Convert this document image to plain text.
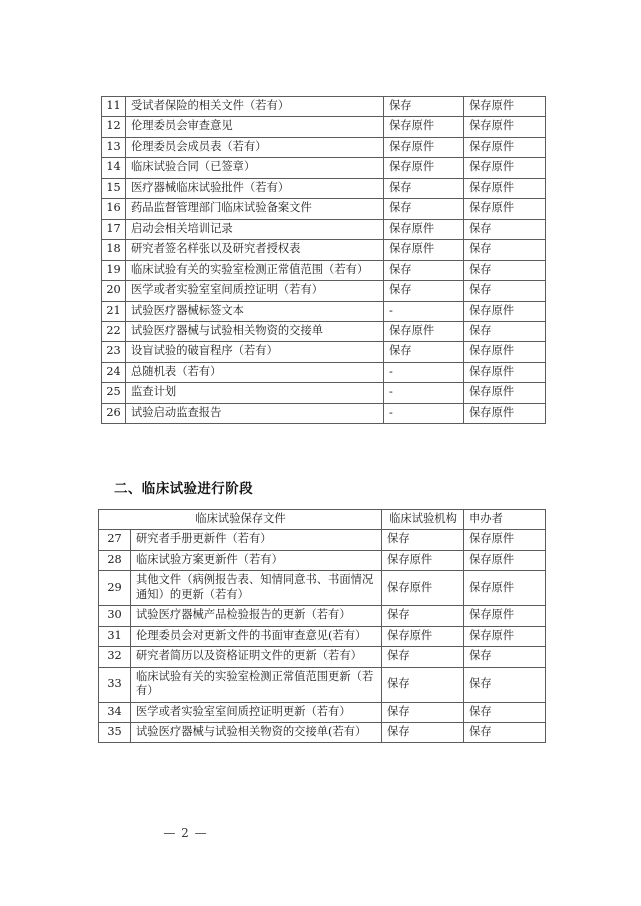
11	受试者保险的相关文件（若有）	保存	保存原件
12	伦理委员会审查意见	保存原件	保存原件
13	伦理委员会成员表（若有）	保存原件	保存原件
14	临床试验合同（已签章）	保存原件	保存原件
15	医疗器械临床试验批件（若有）	保存	保存原件
16	药品监督管理部门临床试验备案文件	保存	保存原件
17	启动会相关培训记录	保存原件	保存
18	研究者签名样张以及研究者授权表	保存原件	保存
19	临床试验有关的实验室检测正常值范围（若有）	保存	保存
20	医学或者实验室室间质控证明（若有）	保存	保存
21	试验医疗器械标签文本	-	保存原件
22	试验医疗器械与试验相关物资的交接单	保存原件	保存
23	设盲试验的破盲程序（若有）	保存	保存原件
24	总随机表（若有）	-	保存原件
25	监查计划	-	保存原件
26	试验启动监查报告	-	保存原件
二、临床试验进行阶段
临床试验保存文件		临床试验机构	申办者
27	研究者手册更新件（若有）	保存	保存原件
28	临床试验方案更新件（若有）	保存原件	保存原件
29	其他文件（病例报告表、知情同意书、书面情况通知）的更新（若有）	保存原件	保存原件
30	试验医疗器械产品检验报告的更新（若有）	保存	保存原件
31	伦理委员会对更新文件的书面审查意见(若有）	保存原件	保存原件
32	研究者简历以及资格证明文件的更新（若有）	保存	保存
33	临床试验有关的实验室检测正常值范围更新（若有）	保存	保存
34	医学或者实验室室间质控证明更新（若有）	保存	保存
35	试验医疗器械与试验相关物资的交接单(若有）	保存	保存
— 2 —
